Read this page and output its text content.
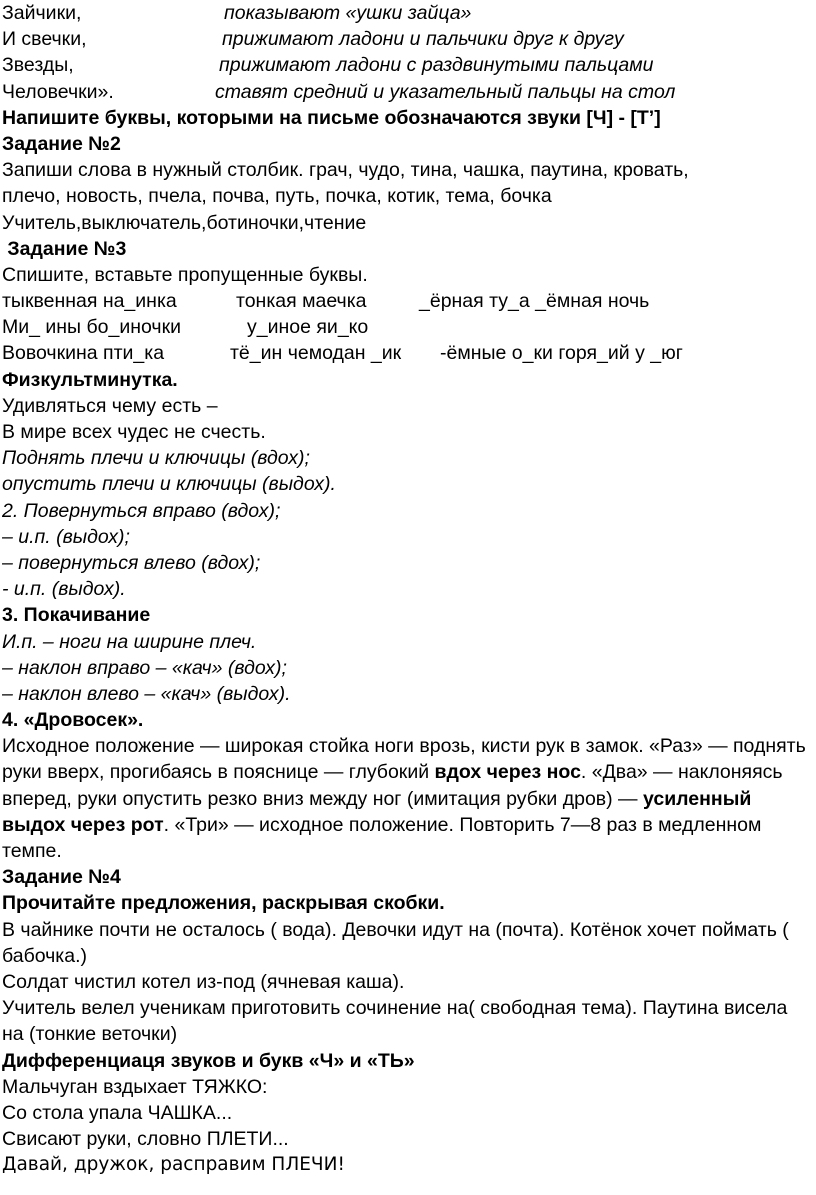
Зайчики,	показывают «ушки зайца»
И свечки,	прижимают ладони и пальчики друг к другу
Звезды,	прижимают ладони с раздвинутыми пальцами
Человечки».	ставят средний и указательный пальцы на стол
Напишите буквы, которыми на письме обозначаются звуки [Ч] - [Т’]
Задание №2
Запиши слова в нужный столбик. грач, чудо, тина, чашка, паутина, кровать,
плечо, новость, пчела, почва, путь, почка, котик, тема, бочка
Учитель,выключатель,ботиночки,чтение
Задание №3
Спишите, вставьте пропущенные буквы.
тыквенная на_инка	тонкая маечка	_ёрная ту_а _ёмная ночь
Ми_ ины бо_иночки	у_иное яи_ко
Вовочкина пти_ка	тё_ин чемодан _ик -ёмные о_ки горя_ий у _юг
Физкультминутка.
Удивляться чему есть –
В мире всех чудес не счесть.
Поднять плечи и ключицы (вдох);
опустить плечи и ключицы (выдох).
2. Повернуться вправо (вдох);
– и.п. (выдох);
– повернуться влево (вдох);
- и.п. (выдох).
3. Покачивание
И.п. – ноги на ширине плеч.
– наклон вправо – «кач» (вдох);
– наклон влево – «кач» (выдох).
4. «Дровосек».
Исходное положение — широкая стойка ноги врозь, кисти рук в замок. «Раз» — поднять руки вверх, прогибаясь в пояснице — глубокий вдох через нос. «Два» — наклоняясь вперед, руки опустить резко вниз между ног (имитация рубки дров) — усиленный выдох через рот. «Три» — исходное положение. Повторить 7—8 раз в медленном темпе.
Задание №4
Прочитайте предложения, раскрывая скобки.
В чайнике почти не осталось ( вода). Девочки идут на (почта). Котёнок хочет поймать ( бабочка.)
Солдат чистил котел из-под (ячневая каша).
Учитель велел ученикам приготовить сочинение на( свободная тема). Паутина висела на (тонкие веточки)
Дифференциаця звуков и букв «Ч» и «ТЬ»
Мальчуган вздыхает ТЯЖКО:
Со стола упала ЧАШКА...
Свисают руки, словно ПЛЕТИ...
Давай, дружок, расправим ПЛЕЧИ!
